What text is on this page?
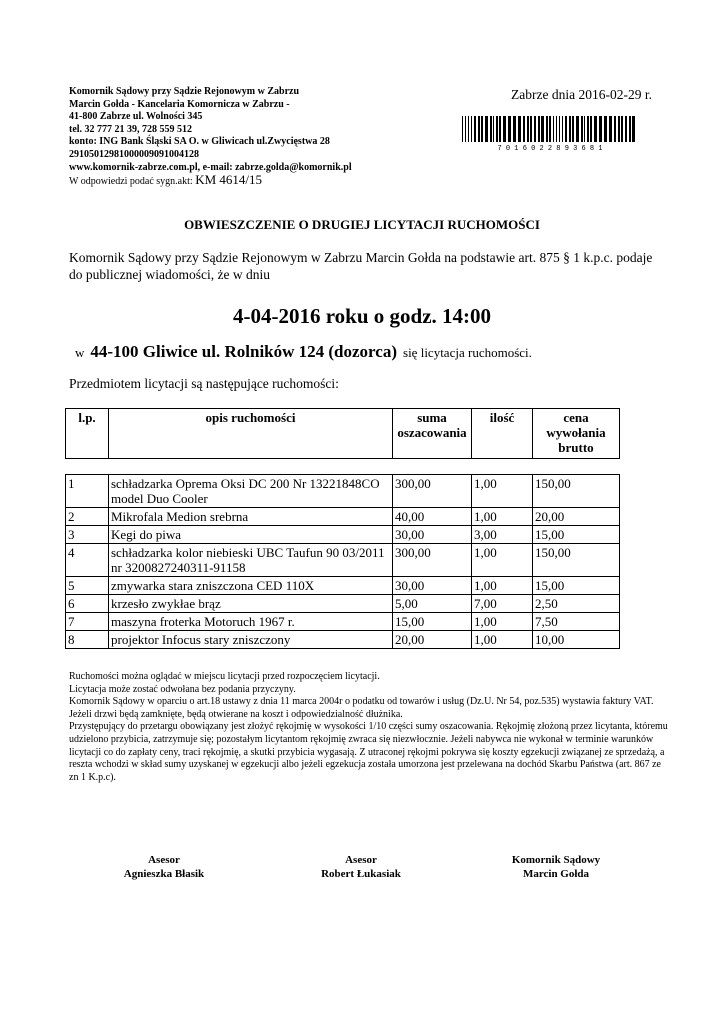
Komornik Sądowy przy Sądzie Rejonowym w Zabrzu
Marcin Gołda - Kancelaria Komornicza w Zabrzu -
41-800 Zabrze ul. Wolności 345
tel. 32 777 21 39, 728 559 512
konto: ING Bank Śląski SA O. w Gliwicach ul.Zwycięstwa 28
29105012981000009091004128
www.komornik-zabrze.com.pl, e-mail: zabrze.golda@komornik.pl
W odpowiedzi podać sygn.akt: KM 4614/15
Zabrze dnia 2016-02-29 r.
7 0 1 6 0 2 2 8 9 3 6 8 1
OBWIESZCZENIE O DRUGIEJ LICYTACJI RUCHOMOŚCI
Komornik Sądowy przy Sądzie Rejonowym w Zabrzu Marcin Gołda na podstawie art. 875 § 1 k.p.c. podaje do publicznej wiadomości, że w dniu
4-04-2016 roku o godz. 14:00
w 44-100 Gliwice ul. Rolników 124 (dozorca) się licytacja ruchomości.
Przedmiotem licytacji są następujące ruchomości:
l.p.	opis ruchomości	suma oszacowania	ilość	cena wywołania brutto
1	schładzarka Oprema Oksi DC 200 Nr 13221848CO model Duo Cooler	300,00	1,00	150,00
2	Mikrofala Medion srebrna	40,00	1,00	20,00
3	Kegi do piwa	30,00	3,00	15,00
4	schładzarka kolor niebieski UBC Taufun 90 03/2011 nr 3200827240311-91158	300,00	1,00	150,00
5	zmywarka stara zniszczona CED 110X	30,00	1,00	15,00
6	krzesło zwykłae brąz	5,00	7,00	2,50
7	maszyna froterka Motoruch 1967 r.	15,00	1,00	7,50
8	projektor Infocus stary zniszczony	20,00	1,00	10,00
Ruchomości można oglądać w miejscu licytacji przed rozpoczęciem licytacji.
Licytacja może zostać odwołana bez podania przyczyny.
Komornik Sądowy w oparciu o art.18 ustawy z dnia 11 marca 2004r o podatku od towarów i usług (Dz.U. Nr 54, poz.535) wystawia faktury VAT.
Jeżeli drzwi będą zamknięte, będą otwierane na koszt i odpowiedzialność dłużnika.
Przystępujący do przetargu obowiązany jest złożyć rękojmię w wysokości 1/10 części sumy oszacowania. Rękojmię złożoną przez licytanta, któremu udzielono przybicia, zatrzymuje się; pozostałym licytantom rękojmię zwraca się niezwłocznie. Jeżeli nabywca nie wykonał w terminie warunków licytacji co do zapłaty ceny, traci rękojmię, a skutki przybicia wygasają. Z utraconej rękojmi pokrywa się koszty egzekucji związanej ze sprzedażą, a reszta wchodzi w skład sumy uzyskanej w egzekucji albo jeżeli egzekucja została umorzona jest przelewana na dochód Skarbu Państwa (art. 867 ze zn 1 K.p.c).
Asesor
Agnieszka Błasik
Asesor
Robert Łukasiak
Komornik Sądowy
Marcin Gołda
